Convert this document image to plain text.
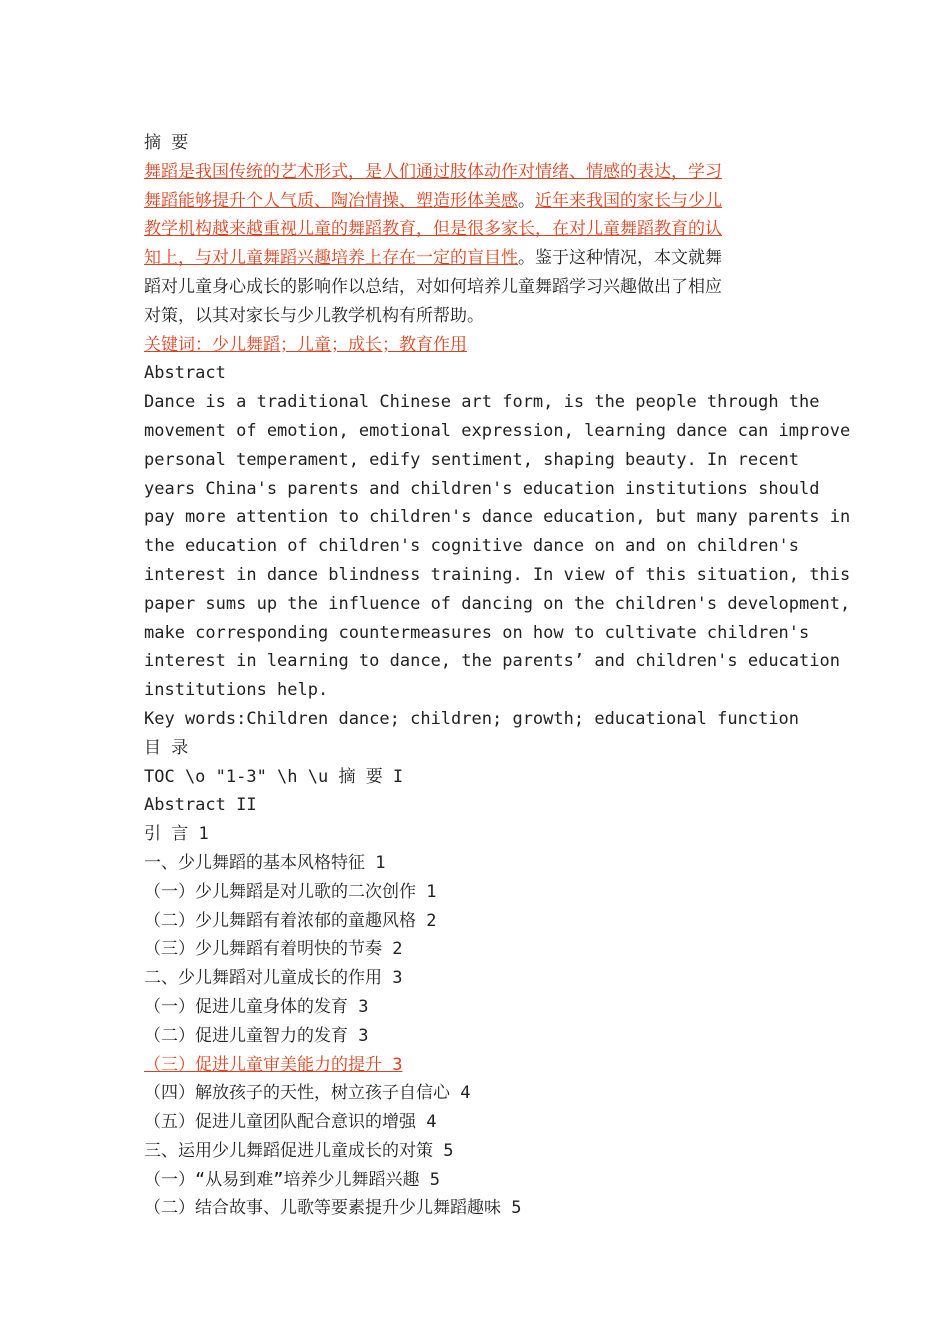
摘 要
舞蹈是我国传统的艺术形式，是人们通过肢体动作对情绪、情感的表达，学习
舞蹈能够提升个人气质、陶冶情操、塑造形体美感。近年来我国的家长与少儿
教学机构越来越重视儿童的舞蹈教育，但是很多家长，在对儿童舞蹈教育的认
知上，与对儿童舞蹈兴趣培养上存在一定的盲目性。鉴于这种情况，本文就舞
蹈对儿童身心成长的影响作以总结，对如何培养儿童舞蹈学习兴趣做出了相应
对策，以其对家长与少儿教学机构有所帮助。
关键词：少儿舞蹈；儿童；成长；教育作用
Abstract
Dance is a traditional Chinese art form, is the people through the
movement of emotion, emotional expression, learning dance can improve
personal temperament, edify sentiment, shaping beauty. In recent
years China's parents and children's education institutions should
pay more attention to children's dance education, but many parents in
the education of children's cognitive dance on and on children's
interest in dance blindness training. In view of this situation, this
paper sums up the influence of dancing on the children's development,
make corresponding countermeasures on how to cultivate children's
interest in learning to dance, the parents’ and children's education
institutions help.
Key words:Children dance; children; growth; educational function
目 录
TOC \o "1-3" \h \u 摘 要 I
Abstract II
引 言 1
一、少儿舞蹈的基本风格特征 1
（一）少儿舞蹈是对儿歌的二次创作 1
（二）少儿舞蹈有着浓郁的童趣风格 2
（三）少儿舞蹈有着明快的节奏 2
二、少儿舞蹈对儿童成长的作用 3
（一）促进儿童身体的发育 3
（二）促进儿童智力的发育 3
（三）促进儿童审美能力的提升 3
（四）解放孩子的天性，树立孩子自信心 4
（五）促进儿童团队配合意识的增强 4
三、运用少儿舞蹈促进儿童成长的对策 5
（一）“从易到难”培养少儿舞蹈兴趣 5
（二）结合故事、儿歌等要素提升少儿舞蹈趣味 5
